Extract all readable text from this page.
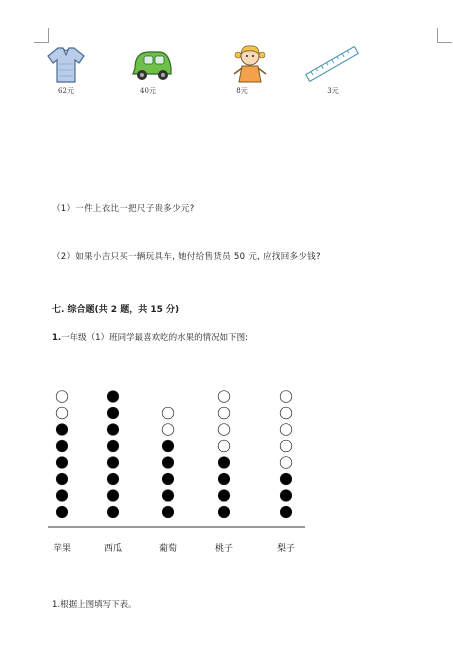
62元	40元	8元	3元
（1）一件上衣比一把尺子贵多少元?
（2）如果小吉只买一辆玩具车, 她付给售货员 50 元, 应找回多少钱?
七. 综合题(共 2 题，共 15 分)
1.一年级（1）班同学最喜欢吃的水果的情况如下图:
苹果	西瓜	葡萄	桃子	梨子
1.根据上图填写下表。
